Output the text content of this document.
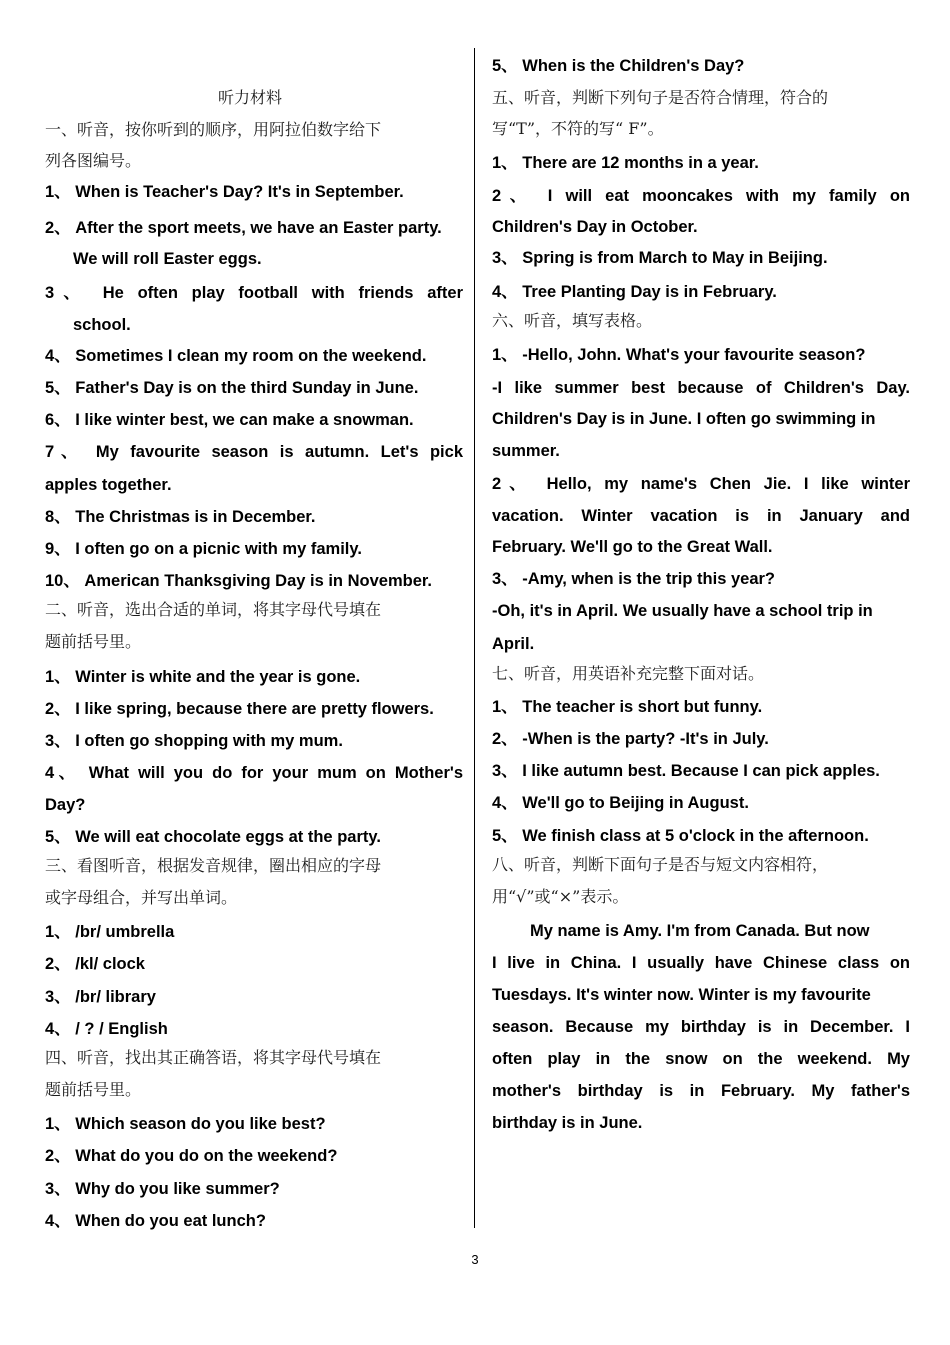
听力材料
一、听音，按你听到的顺序，用阿拉伯数字给下
列各图编号。
1、 When is Teacher's Day? It's in September.
2、 After the sport meets, we have an Easter party.
We will roll Easter eggs.
3、 He often play football with friends after
school.
4、 Sometimes I clean my room on the weekend.
5、 Father's Day is on the third Sunday in June.
6、 I like winter best, we can make a snowman.
7、 My favourite season is autumn. Let's pick
apples together.
8、 The Christmas is in December.
9、 I often go on a picnic with my family.
10、 American Thanksgiving Day is in November.
二、听音，选出合适的单词，将其字母代号填在
题前括号里。
1、 Winter is white and the year is gone.
2、 I like spring, because there are pretty flowers.
3、 I often go shopping with my mum.
4、 What will you do for your mum on Mother's
Day?
5、 We will eat chocolate eggs at the party.
三、看图听音，根据发音规律，圈出相应的字母
或字母组合，并写出单词。
1、 /br/ umbrella
2、 /kl/ clock
3、 /br/ library
4、 / ? / English
四、听音，找出其正确答语，将其字母代号填在
题前括号里。
1、 Which season do you like best?
2、 What do you do on the weekend?
3、 Why do you like summer?
4、 When do you eat lunch?
5、 When is the Children's Day?
五、听音，判断下列句子是否符合情理，符合的
写“T”，不符的写“ F”。
1、 There are 12 months in a year.
2、 I will eat mooncakes with my family on
Children's Day in October.
3、 Spring is from March to May in Beijing.
4、 Tree Planting Day is in February.
六、听音，填写表格。
1、 -Hello, John. What's your favourite season?
-I like summer best because of Children's Day.
Children's Day is in June. I often go swimming in
summer.
2、 Hello, my name's Chen Jie. I like winter
vacation. Winter vacation is in January and
February. We'll go to the Great Wall.
3、 -Amy, when is the trip this year?
-Oh, it's in April. We usually have a school trip in
April.
七、听音，用英语补充完整下面对话。
1、 The teacher is short but funny.
2、 -When is the party? -It's in July.
3、 I like autumn best. Because I can pick apples.
4、 We'll go to Beijing in August.
5、 We finish class at 5 o'clock in the afternoon.
八、听音，判断下面句子是否与短文内容相符，
用“√”或“×”表示。
My name is Amy. I'm from Canada. But now
I live in China. I usually have Chinese class on
Tuesdays. It's winter now. Winter is my favourite
season. Because my birthday is in December. I
often play in the snow on the weekend. My
mother's birthday is in February. My father's
birthday is in June.
3
